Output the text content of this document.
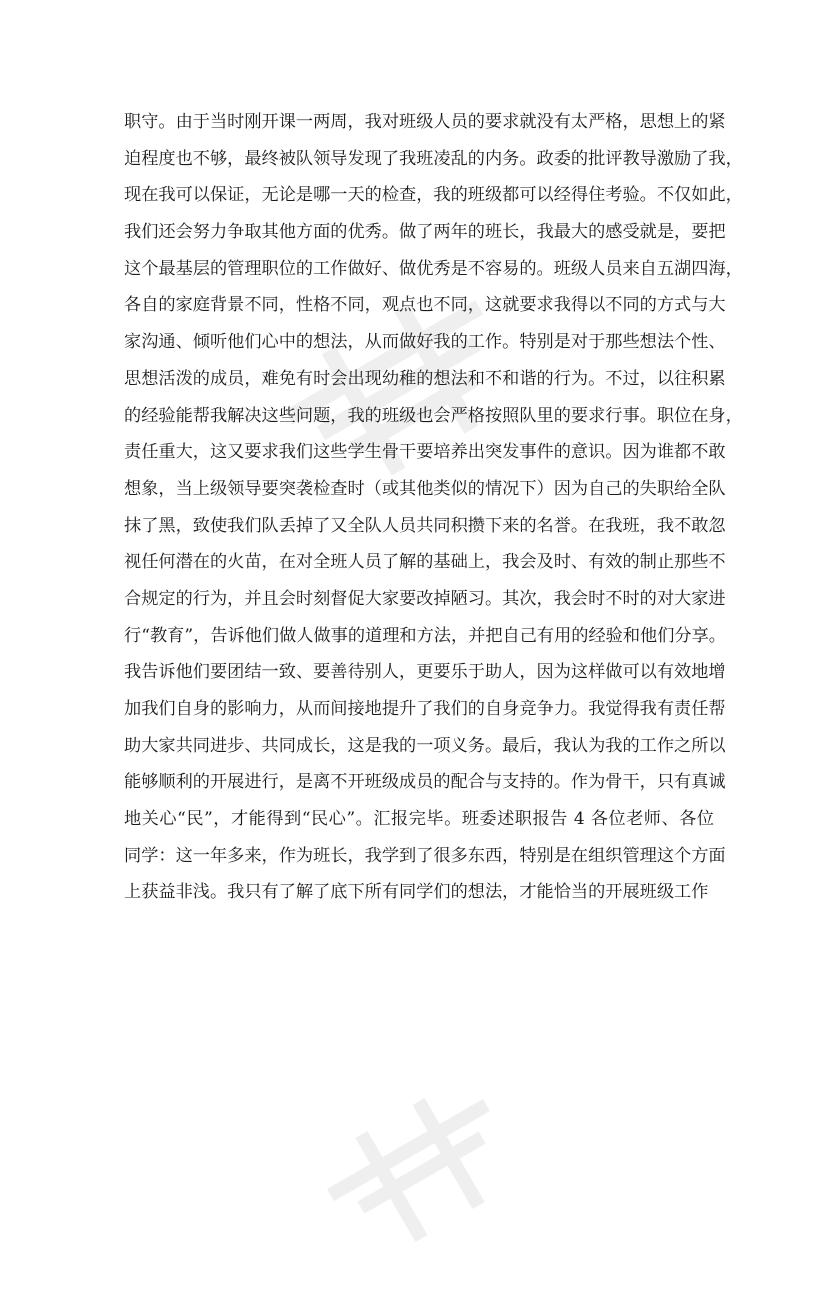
职守。由于当时刚开课一两周，我对班级人员的要求就没有太严格，思想上的紧
迫程度也不够，最终被队领导发现了我班凌乱的内务。政委的批评教导激励了我，
现在我可以保证，无论是哪一天的检查，我的班级都可以经得住考验。不仅如此，
我们还会努力争取其他方面的优秀。做了两年的班长，我最大的感受就是，要把
这个最基层的管理职位的工作做好、做优秀是不容易的。班级人员来自五湖四海，
各自的家庭背景不同，性格不同，观点也不同，这就要求我得以不同的方式与大
家沟通、倾听他们心中的想法，从而做好我的工作。特别是对于那些想法个性、
思想活泼的成员，难免有时会出现幼稚的想法和不和谐的行为。不过，以往积累
的经验能帮我解决这些问题，我的班级也会严格按照队里的要求行事。职位在身，
责任重大，这又要求我们这些学生骨干要培养出突发事件的意识。因为谁都不敢
想象，当上级领导要突袭检查时（或其他类似的情况下）因为自己的失职给全队
抹了黑，致使我们队丢掉了又全队人员共同积攒下来的名誉。在我班，我不敢忽
视任何潜在的火苗，在对全班人员了解的基础上，我会及时、有效的制止那些不
合规定的行为，并且会时刻督促大家要改掉陋习。其次，我会时不时的对大家进
行“教育”，告诉他们做人做事的道理和方法，并把自己有用的经验和他们分享。
我告诉他们要团结一致、要善待别人，更要乐于助人，因为这样做可以有效地增
加我们自身的影响力，从而间接地提升了我们的自身竞争力。我觉得我有责任帮
助大家共同进步、共同成长，这是我的一项义务。最后，我认为我的工作之所以
能够顺利的开展进行，是离不开班级成员的配合与支持的。作为骨干，只有真诚
地关心“民”，才能得到“民心”。汇报完毕。班委述职报告 4 各位老师、各位
同学：这一年多来，作为班长，我学到了很多东西，特别是在组织管理这个方面
上获益非浅。我只有了解了底下所有同学们的想法，才能恰当的开展班级工作
